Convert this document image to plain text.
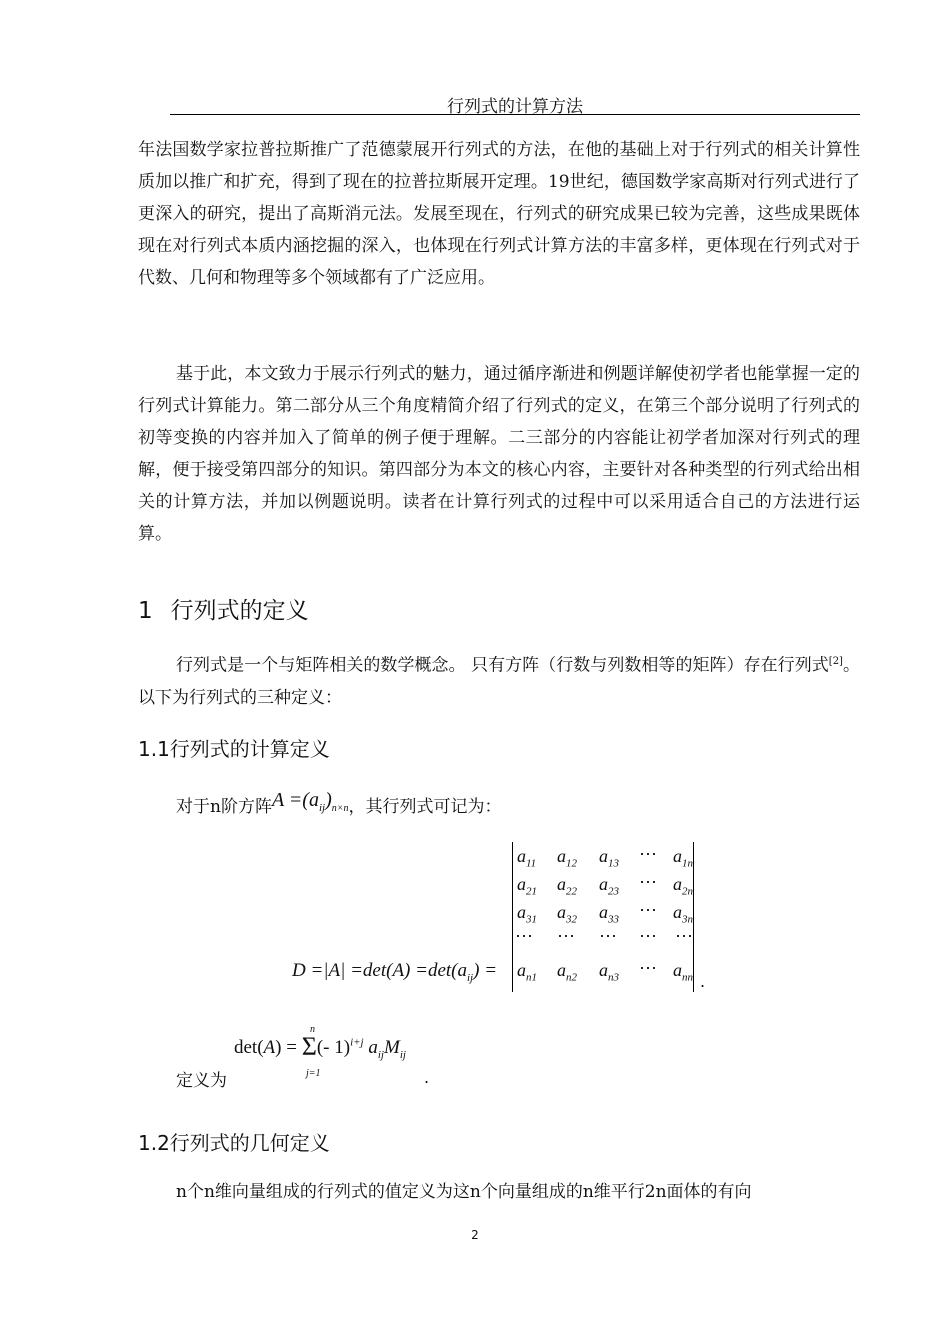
行列式的计算方法
年法国数学家拉普拉斯推广了范德蒙展开行列式的方法，在他的基础上对于行列式的相关计算性质加以推广和扩充，得到了现在的拉普拉斯展开定理。19世纪，德国数学家高斯对行列式进行了更深入的研究，提出了高斯消元法。发展至现在，行列式的研究成果已较为完善，这些成果既体现在对行列式本质内涵挖掘的深入，也体现在行列式计算方法的丰富多样，更体现在行列式对于代数、几何和物理等多个领域都有了广泛应用。
基于此，本文致力于展示行列式的魅力，通过循序渐进和例题详解使初学者也能掌握一定的行列式计算能力。第二部分从三个角度精简介绍了行列式的定义，在第三个部分说明了行列式的初等变换的内容并加入了简单的例子便于理解。二三部分的内容能让初学者加深对行列式的理解，便于接受第四部分的知识。第四部分为本文的核心内容，主要针对各种类型的行列式给出相关的计算方法，并加以例题说明。读者在计算行列式的过程中可以采用适合自己的方法进行运算。
1 行列式的定义
行列式是一个与矩阵相关的数学概念。 只有方阵（行数与列数相等的矩阵）存在行列式[2]。以下为行列式的三种定义：
1.1行列式的计算定义
对于n阶方阵$A =(a_{ij})_{n\times n}$，其行列式可记为：
$D =|A| =\det(A) =\det(a_{ij})$ =
$a_{11}$ $a_{12}$ $a_{13}$ ⋯ $a_{1n}$
$a_{21}$ $a_{22}$ $a_{23}$ ⋯ $a_{2n}$
$a_{31}$ $a_{32}$ $a_{33}$ ⋯ $a_{3n}$
⋯ ⋯ ⋯ ⋯ ⋯
$a_{n1}$ $a_{n2}$ $a_{n3}$ ⋯ $a_{nn}$ .
定义为
det(A) = Σ(- 1)$^{i+j}$ $a_{ij}M_{ij}$
n
j=1	.
1.2行列式的几何定义
n个n维向量组成的行列式的值定义为这n个向量组成的n维平行2n面体的有向
2
